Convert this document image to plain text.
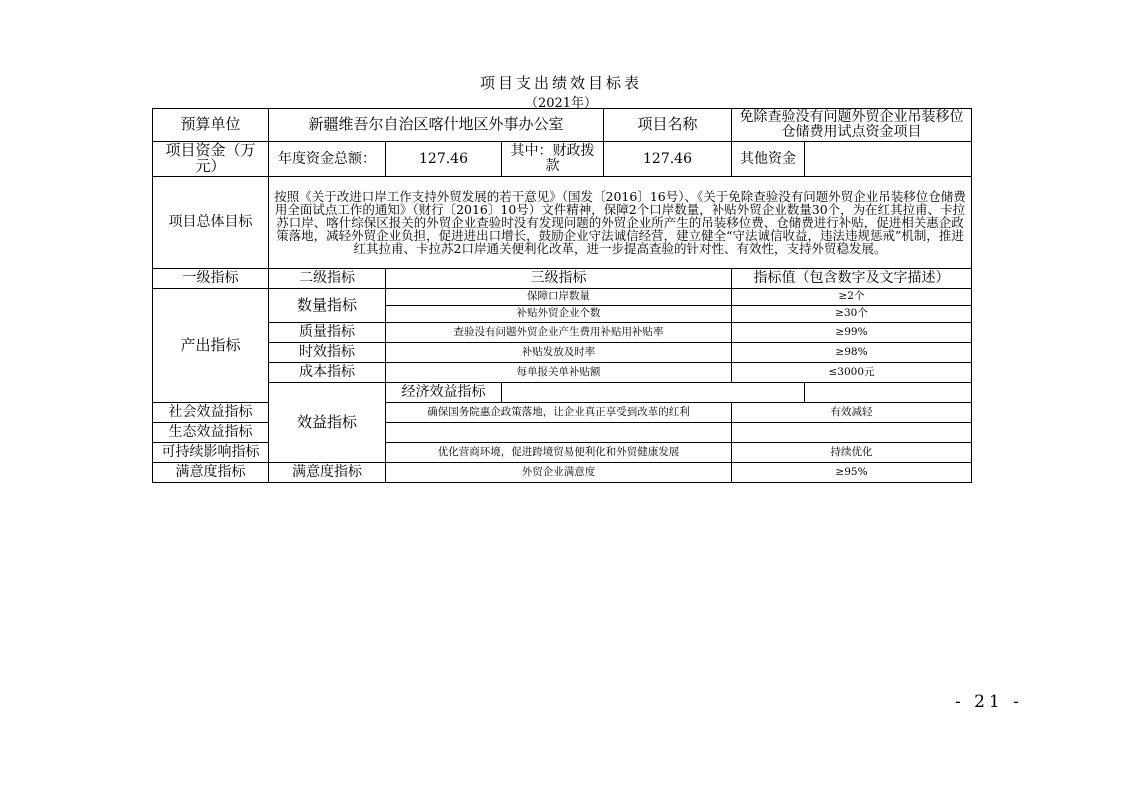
项目支出绩效目标表
（2021年）
预算单位	新疆维吾尔自治区喀什地区外事办公室			项目名称	免除查验没有问题外贸企业吊装移位仓储费用试点资金项目	
项目资金（万元）	年度资金总额：	127.46	其中：财政拨款	127.46	其他资金	
项目总体目标	按照《关于改进口岸工作支持外贸发展的若干意见》（国发〔2016〕16号）、《关于免除查验没有问题外贸企业吊装移位仓储费用全面试点工作的通知》（财行〔2016〕10号）文件精神，保障2个口岸数量，补贴外贸企业数量30个，为在红其拉甫、卡拉苏口岸、喀什综保区报关的外贸企业查验时没有发现问题的外贸企业所产生的吊装移位费、仓储费进行补贴，促进相关惠企政策落地，减轻外贸企业负担，促进进出口增长，鼓励企业守法诚信经营，建立健全“守法诚信收益，违法违规惩戒”机制，推进红其拉甫、卡拉苏2口岸通关便利化改革，进一步提高查验的针对性、有效性，支持外贸稳发展。					
一级指标	二级指标	三级指标			指标值（包含数字及文字描述）	
产出指标	数量指标	保障口岸数量			≥2个	
		补贴外贸企业个数			≥30个	
	质量指标	查验没有问题外贸企业产生费用补贴用补贴率			≥99%	
	时效指标	补贴发放及时率			≥98%	
	成本指标	每单报关单补贴额			≤3000元	
	效益指标	经济效益指标				
社会效益指标		确保国务院惠企政策落地，让企业真正享受到改革的红利			有效减轻	
生态效益指标						
可持续影响指标		优化营商环境，促进跨境贸易便利化和外贸健康发展			持续优化	
满意度指标	满意度指标	外贸企业满意度			≥95%	
- 21 -
